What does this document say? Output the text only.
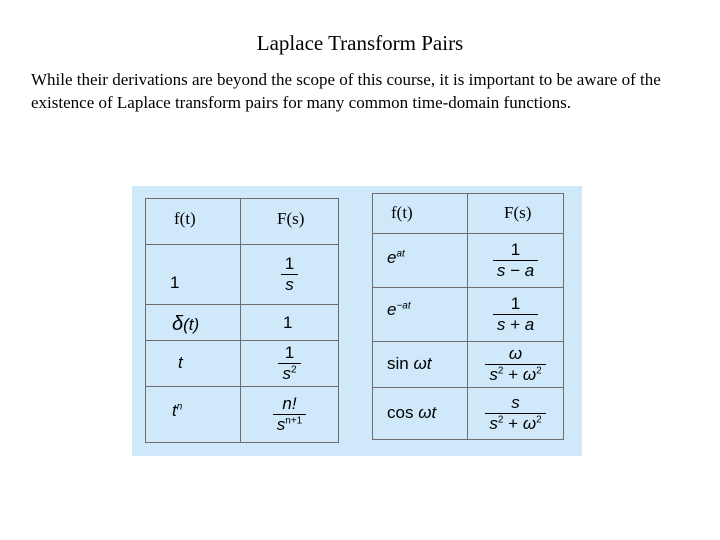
Laplace Transform Pairs
While their derivations are beyond the scope of this course, it is important to be aware of the existence of Laplace transform pairs for many common time-domain functions.
f(t)	F(s)

1	$\frac{1}{s}$

δ(t)	1

t	$\frac{1}{s^2}$

$t^n$	$\frac{n!}{s^{n+1}}$
f(t)	F(s)

$e^{at}$	$\frac{1}{s - a}$

$e^{-at}$	$\frac{1}{s + a}$

sin ωt	$\frac{\omega}{s^2 + \omega^2}$

cos ωt	$\frac{s}{s^2 + \omega^2}$
